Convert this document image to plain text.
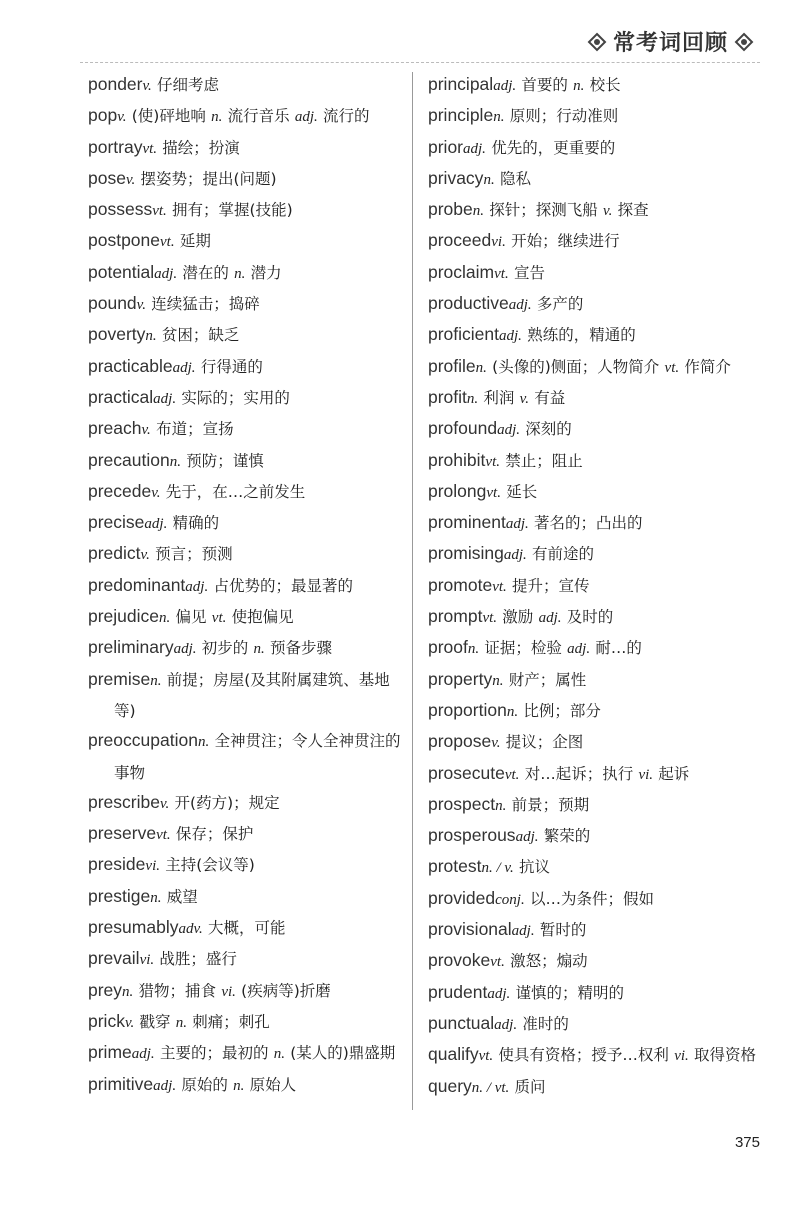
常考词回顾
ponderv. 仔细考虑
popv. (使)砰地响 n. 流行音乐 adj. 流行的
portrayvt. 描绘；扮演
posev. 摆姿势；提出(问题)
possessvt. 拥有；掌握(技能)
postponevt. 延期
potentialadj. 潜在的 n. 潜力
poundv. 连续猛击；捣碎
povertyn. 贫困；缺乏
practicableadj. 行得通的
practicaladj. 实际的；实用的
preachv. 布道；宣扬
precautionn. 预防；谨慎
precedev. 先于，在…之前发生
preciseadj. 精确的
predictv. 预言；预测
predominantadj. 占优势的；最显著的
prejudicen. 偏见 vt. 使抱偏见
preliminaryadj. 初步的 n. 预备步骤
premisen. 前提；房屋(及其附属建筑、基地等)
preoccupationn. 全神贯注；令人全神贯注的事物
prescribev. 开(药方)；规定
preservevt. 保存；保护
presidevi. 主持(会议等)
prestigen. 威望
presumablyadv. 大概，可能
prevailvi. 战胜；盛行
preyn. 猎物；捕食 vi. (疾病等)折磨
prickv. 戳穿 n. 刺痛；刺孔
primeadj. 主要的；最初的 n. (某人的)鼎盛期
primitiveadj. 原始的 n. 原始人
principaladj. 首要的 n. 校长
principlen. 原则；行动准则
prioradj. 优先的，更重要的
privacyn. 隐私
proben. 探针；探测飞船 v. 探查
proceedvi. 开始；继续进行
proclaimvt. 宣告
productiveadj. 多产的
proficientadj. 熟练的，精通的
profilen. (头像的)侧面；人物简介 vt. 作简介
profitn. 利润 v. 有益
profoundadj. 深刻的
prohibitvt. 禁止；阻止
prolongvt. 延长
prominentadj. 著名的；凸出的
promisingadj. 有前途的
promotevt. 提升；宣传
promptvt. 激励 adj. 及时的
proofn. 证据；检验 adj. 耐…的
propertyn. 财产；属性
proportionn. 比例；部分
proposev. 提议；企图
prosecutevt. 对…起诉；执行 vi. 起诉
prospectn. 前景；预期
prosperousadj. 繁荣的
protestn. / v. 抗议
providedconj. 以…为条件；假如
provisionaladj. 暂时的
provokevt. 激怒；煽动
prudentadj. 谨慎的；精明的
punctualadj. 准时的
qualifyvt. 使具有资格；授予…权利 vi. 取得资格
queryn. / vt. 质问
375
